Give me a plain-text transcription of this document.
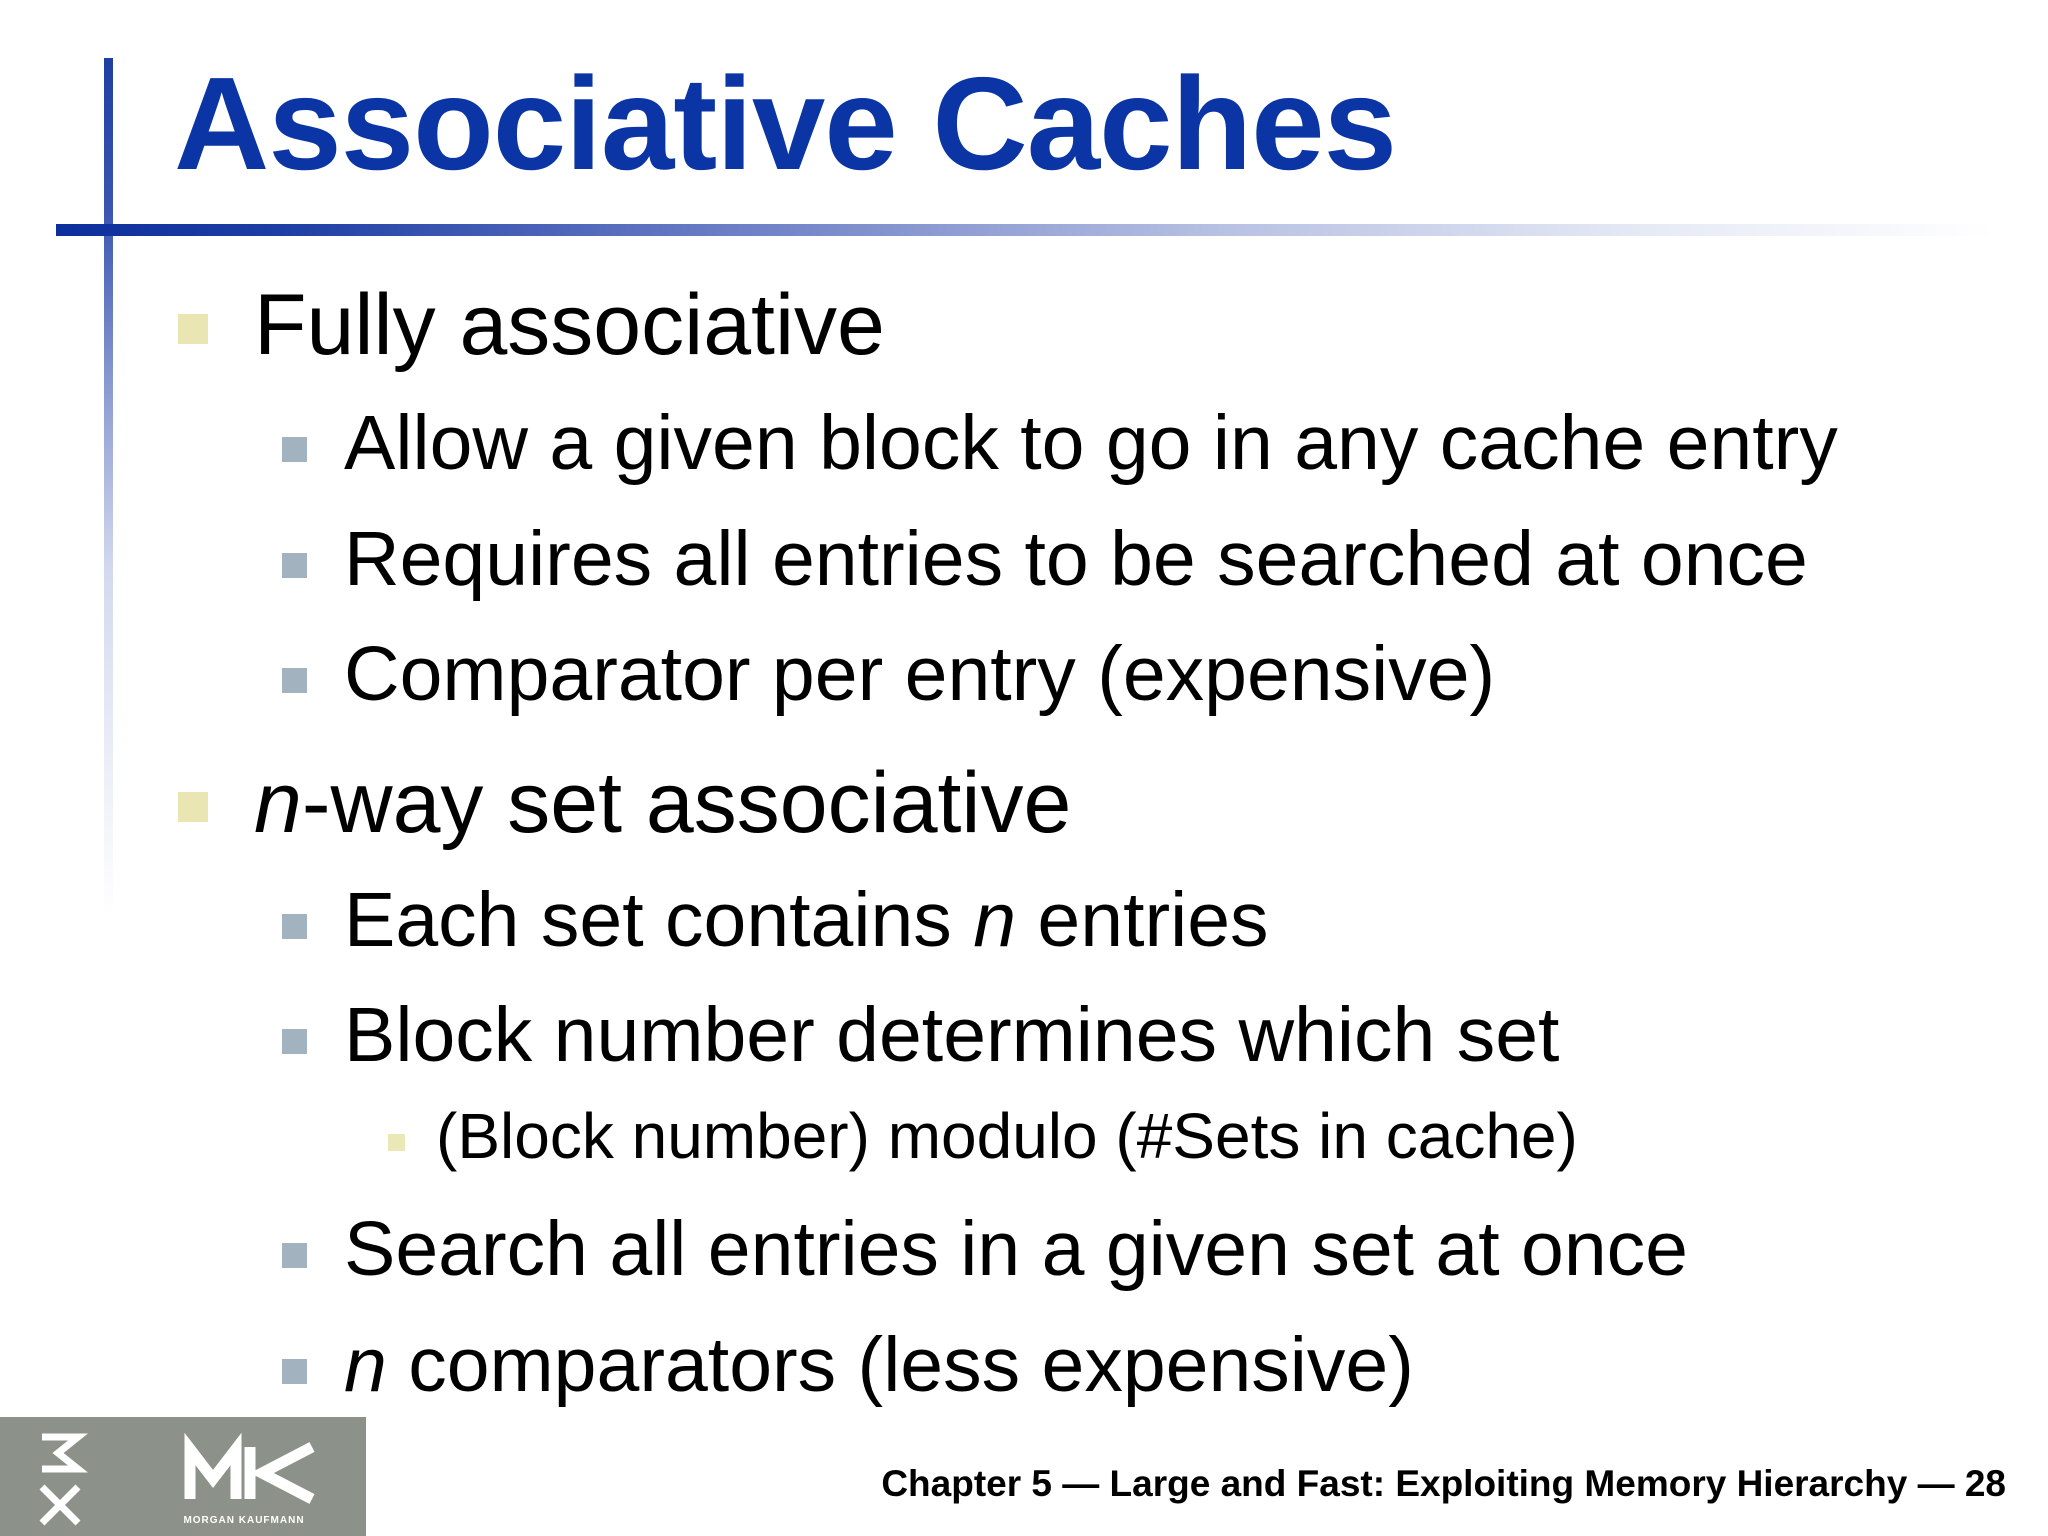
Associative Caches
Fully associative
Allow a given block to go in any cache entry
Requires all entries to be searched at once
Comparator per entry (expensive)
n-way set associative
Each set contains n entries
Block number determines which set
(Block number) modulo (#Sets in cache)
Search all entries in a given set at once
n comparators (less expensive)
MORGAN KAUFMANN
Chapter 5 — Large and Fast: Exploiting Memory Hierarchy — 28
